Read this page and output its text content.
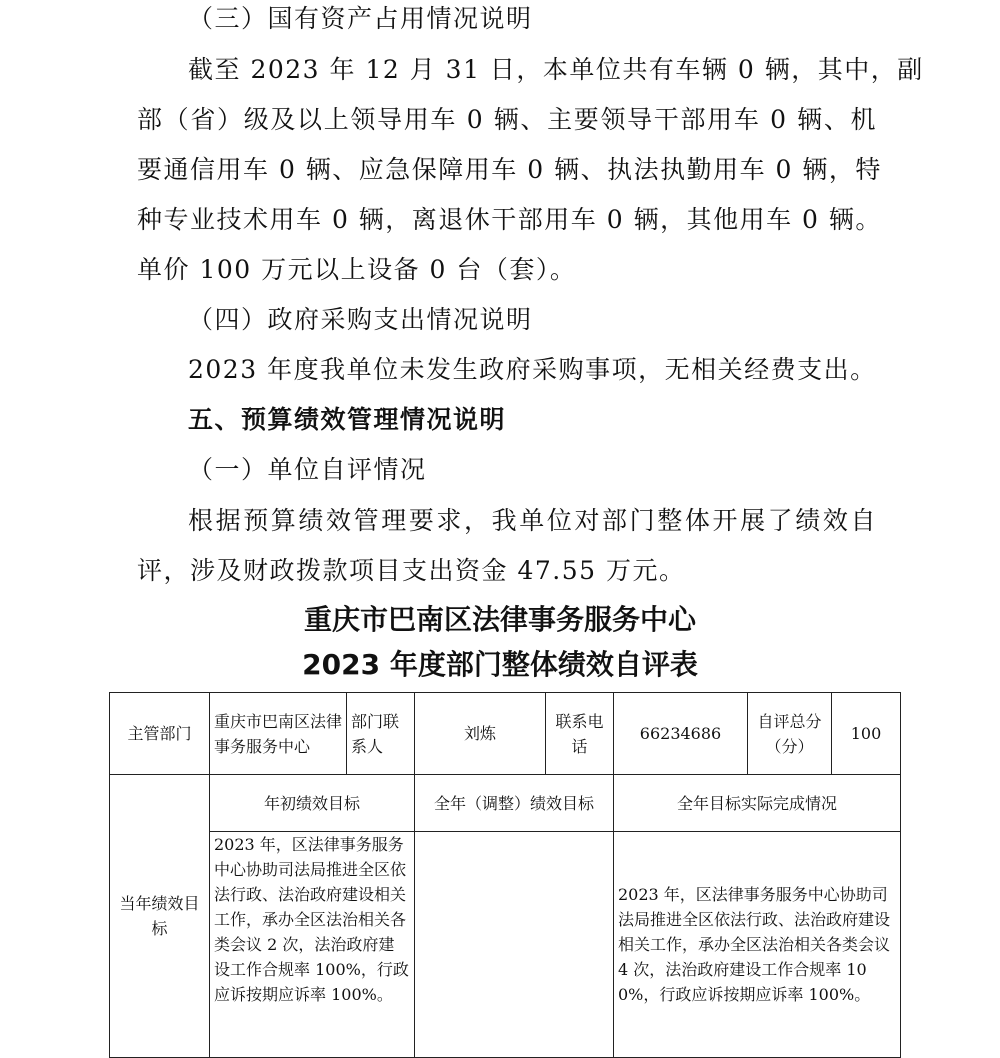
（三）国有资产占用情况说明
截至 2023 年 12 月 31 日，本单位共有车辆 0 辆，其中，副
部（省）级及以上领导用车 0 辆、主要领导干部用车 0 辆、机
要通信用车 0 辆、应急保障用车 0 辆、执法执勤用车 0 辆，特
种专业技术用车 0 辆，离退休干部用车 0 辆，其他用车 0 辆。
单价 100 万元以上设备 0 台（套）。
（四）政府采购支出情况说明
2023 年度我单位未发生政府采购事项，无相关经费支出。
五、预算绩效管理情况说明
（一）单位自评情况
根据预算绩效管理要求，我单位对部门整体开展了绩效自
评，涉及财政拨款项目支出资金 47.55 万元。
重庆市巴南区法律事务服务中心
2023 年度部门整体绩效自评表
主管部门	重庆市巴南区法律事务服务中心	部门联系人	刘炼	联系电话	66234686	自评总分（分）	100
当年绩效目标	年初绩效目标		全年（调整）绩效目标		全年目标实际完成情况		
	2023 年，区法律事务服务中心协助司法局推进全区依法行政、法治政府建设相关工作，承办全区法治相关各类会议 2 次，法治政府建设工作合规率 100%，行政应诉按期应诉率 100%。				2023 年，区法律事务服务中心协助司法局推进全区依法行政、法治政府建设相关工作，承办全区法治相关各类会议 4 次，法治政府建设工作合规率 100%，行政应诉按期应诉率 100%。		
